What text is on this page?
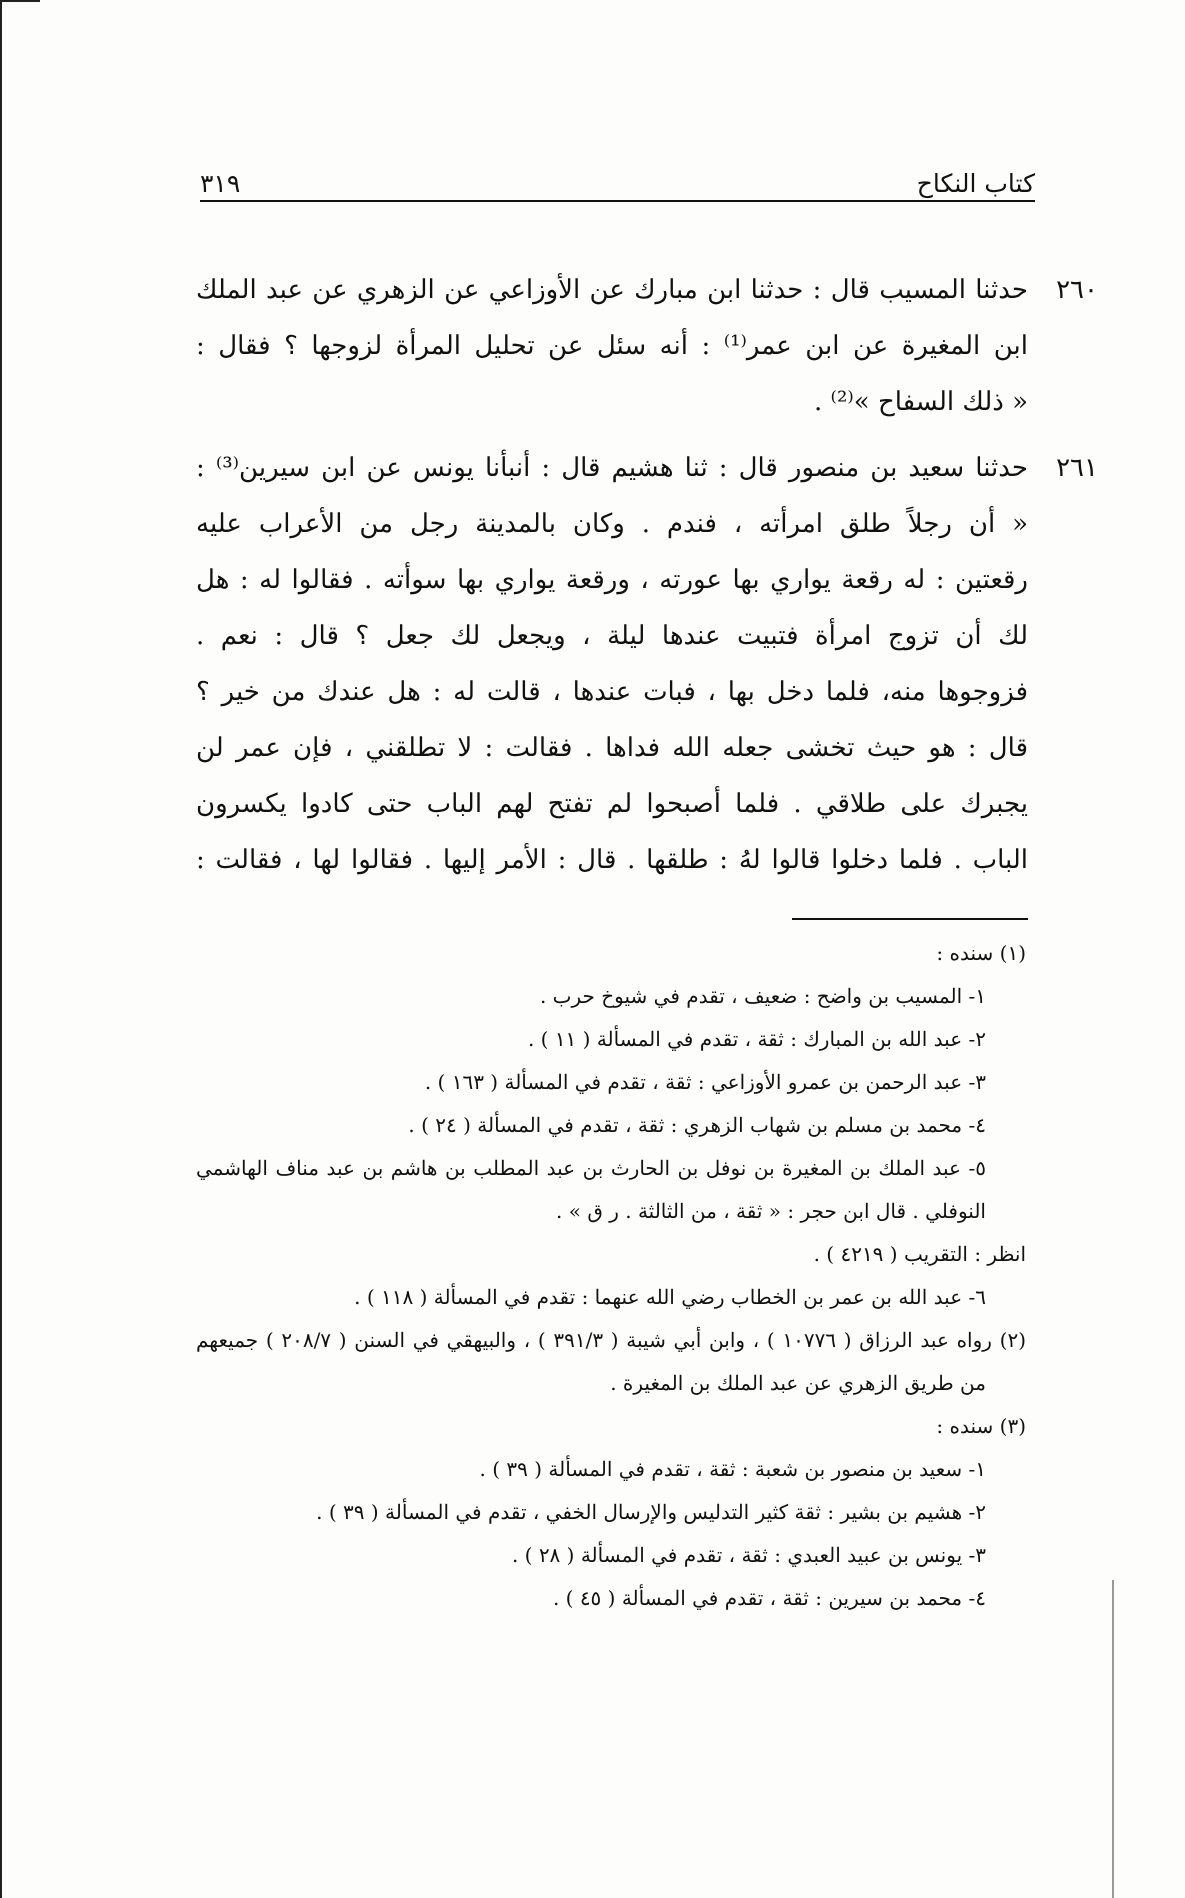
كتاب النكاح
٣١٩
٢٦٠
حدثنا المسيب قال : حدثنا ابن مبارك عن الأوزاعي عن الزهري عن عبد الملك
ابن المغيرة عن ابن عمر⁽¹⁾ : أنه سئل عن تحليل المرأة لزوجها ؟ فقال :
« ذلك السفاح »⁽²⁾ .
٢٦١
حدثنا سعيد بن منصور قال : ثنا هشيم قال : أنبأنا يونس عن ابن سيرين⁽³⁾ :
« أن رجلاً طلق امرأته ، فندم . وكان بالمدينة رجل من الأعراب عليه
رقعتين : له رقعة يواري بها عورته ، ورقعة يواري بها سوأته . فقالوا له : هل
لك أن تزوج امرأة فتبيت عندها ليلة ، ويجعل لك جعل ؟ قال : نعم .
فزوجوها منه، فلما دخل بها ، فبات عندها ، قالت له : هل عندك من خير ؟
قال : هو حيث تخشى جعله الله فداها . فقالت : لا تطلقني ، فإن عمر لن
يجبرك على طلاقي . فلما أصبحوا لم تفتح لهم الباب حتى كادوا يكسرون
الباب . فلما دخلوا قالوا لهُ : طلقها . قال : الأمر إليها . فقالوا لها ، فقالت :
(١) سنده :
١- المسيب بن واضح : ضعيف ، تقدم في شيوخ حرب .
٢- عبد الله بن المبارك : ثقة ، تقدم في المسألة ( ١١ ) .
٣- عبد الرحمن بن عمرو الأوزاعي : ثقة ، تقدم في المسألة ( ١٦٣ ) .
٤- محمد بن مسلم بن شهاب الزهري : ثقة ، تقدم في المسألة ( ٢٤ ) .
٥- عبد الملك بن المغيرة بن نوفل بن الحارث بن عبد المطلب بن هاشم بن عبد مناف الهاشمي
النوفلي . قال ابن حجر : « ثقة ، من الثالثة . ر ق » .
انظر : التقريب ( ٤٢١٩ ) .
٦- عبد الله بن عمر بن الخطاب رضي الله عنهما : تقدم في المسألة ( ١١٨ ) .
(٢) رواه عبد الرزاق ( ١٠٧٧٦ ) ، وابن أبي شيبة ( ٣٩١/٣ ) ، والبيهقي في السنن ( ٢٠٨/٧ ) جميعهم
من طريق الزهري عن عبد الملك بن المغيرة .
(٣) سنده :
١- سعيد بن منصور بن شعبة : ثقة ، تقدم في المسألة ( ٣٩ ) .
٢- هشيم بن بشير : ثقة كثير التدليس والإرسال الخفي ، تقدم في المسألة ( ٣٩ ) .
٣- يونس بن عبيد العبدي : ثقة ، تقدم في المسألة ( ٢٨ ) .
٤- محمد بن سيرين : ثقة ، تقدم في المسألة ( ٤٥ ) .
